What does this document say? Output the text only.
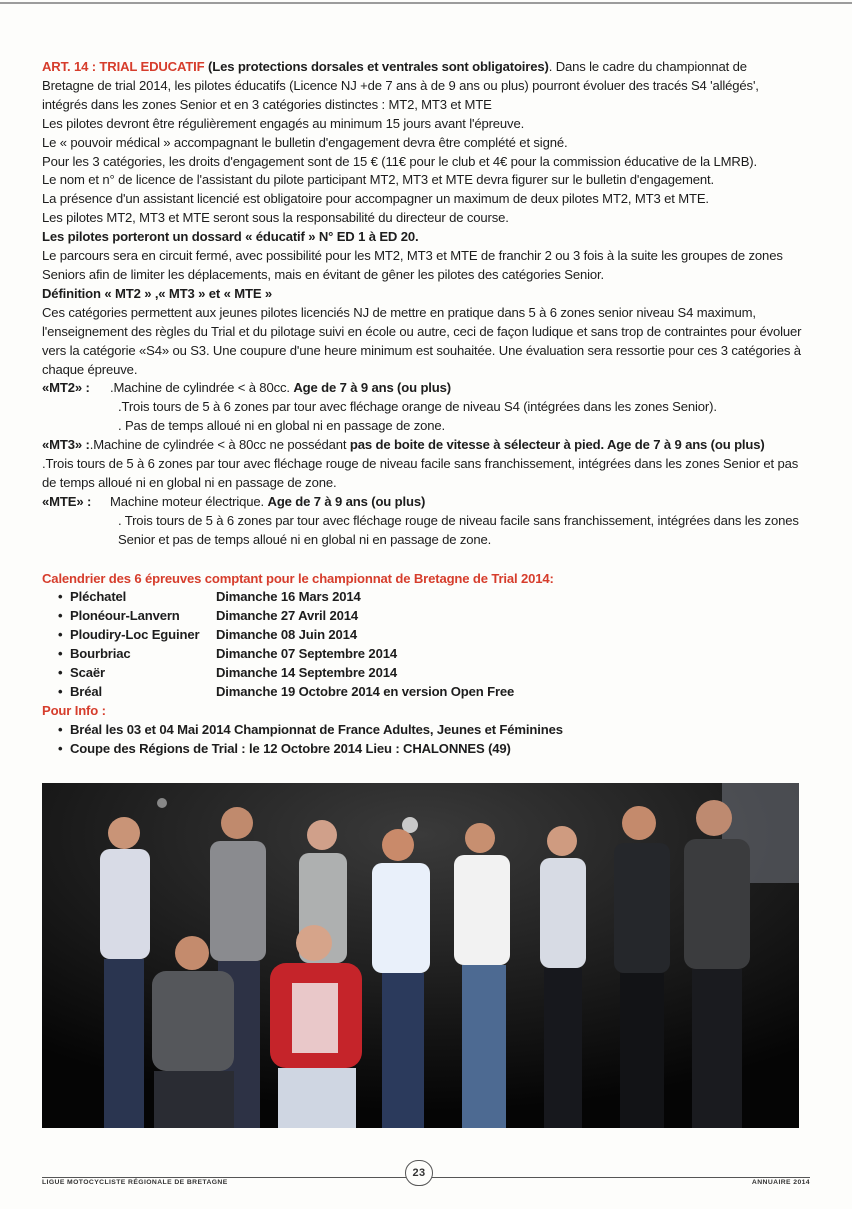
ART. 14 : TRIAL EDUCATIF (Les protections dorsales et ventrales sont obligatoires). Dans le cadre du championnat de Bretagne de trial 2014, les pilotes éducatifs (Licence NJ +de 7 ans à de 9 ans ou plus) pourront évoluer des tracés S4 'allégés', intégrés dans les zones Senior et en 3 catégories distinctes : MT2, MT3 et MTE

Les pilotes devront être régulièrement engagés au minimum 15 jours avant l'épreuve.

Le « pouvoir médical » accompagnant le bulletin d'engagement devra être complété et signé.

Pour les 3 catégories, les droits d'engagement sont de 15 € (11€ pour le club et 4€ pour la commission éducative de la LMRB).

Le nom et n° de licence de l'assistant du pilote participant MT2, MT3 et MTE devra figurer sur le bulletin d'engagement.

La présence d'un assistant licencié est obligatoire pour accompagner un maximum de deux pilotes MT2, MT3 et MTE.

Les pilotes MT2, MT3 et MTE seront sous la responsabilité du directeur de course.

Les pilotes porteront un dossard « éducatif » N° ED 1 à ED 20.

Le parcours sera en circuit fermé, avec possibilité pour les MT2, MT3 et MTE de franchir 2 ou 3 fois à la suite les groupes de zones Seniors afin de limiter les déplacements, mais en évitant de gêner les pilotes des catégories Senior.

Définition « MT2 » ,« MT3 » et « MTE »

Ces catégories permettent aux jeunes pilotes licenciés NJ de mettre en pratique dans 5 à 6 zones senior niveau S4 maximum, l'enseignement des règles du Trial et du pilotage suivi en école ou autre, ceci de façon ludique et sans trop de contraintes pour évoluer vers la catégorie «S4» ou S3. Une coupure d'une heure minimum est souhaitée. Une évaluation sera ressortie pour ces 3 catégories à chaque épreuve.

«MT2» :	.Machine de cylindrée < à 80cc. Age de 7 à 9 ans (ou plus)

.Trois tours de 5 à 6 zones par tour avec fléchage orange de niveau S4 (intégrées dans les zones Senior).

. Pas de temps alloué ni en global ni en passage de zone.

«MT3» :.Machine de cylindrée < à 80cc ne possédant pas de boite de vitesse à sélecteur à pied. Age de 7 à 9 ans (ou plus)

.Trois tours de 5 à 6 zones par tour avec fléchage rouge de niveau facile sans franchissement, intégrées dans les zones Senior et pas de temps alloué ni en global ni en passage de zone.

«MTE» :	Machine moteur électrique. Age de 7 à 9 ans (ou plus)

. Trois tours de 5 à 6 zones par tour avec fléchage rouge de niveau facile sans franchissement, intégrées dans les zones Senior et pas de temps alloué ni en global ni en passage de zone.

Calendrier des 6 épreuves comptant pour le championnat de Bretagne de Trial 2014:

• Pléchatel	Dimanche 16 Mars 2014
• Plonéour-Lanvern	Dimanche 27 Avril 2014
• Ploudiry-Loc Eguiner Dimanche 08 Juin 2014
• Bourbriac	Dimanche 07 Septembre 2014
• Scaër	Dimanche 14 Septembre 2014
• Bréal	Dimanche 19 Octobre 2014 en version Open Free

Pour Info :

• Bréal les 03 et 04 Mai 2014 Championnat de France Adultes, Jeunes et Féminines
• Coupe des Régions de Trial : le 12 Octobre 2014 Lieu : CHALONNES (49)
LIGUE MOTOCYCLISTE RÉGIONALE DE BRETAGNE
23
ANNUAIRE 2014
